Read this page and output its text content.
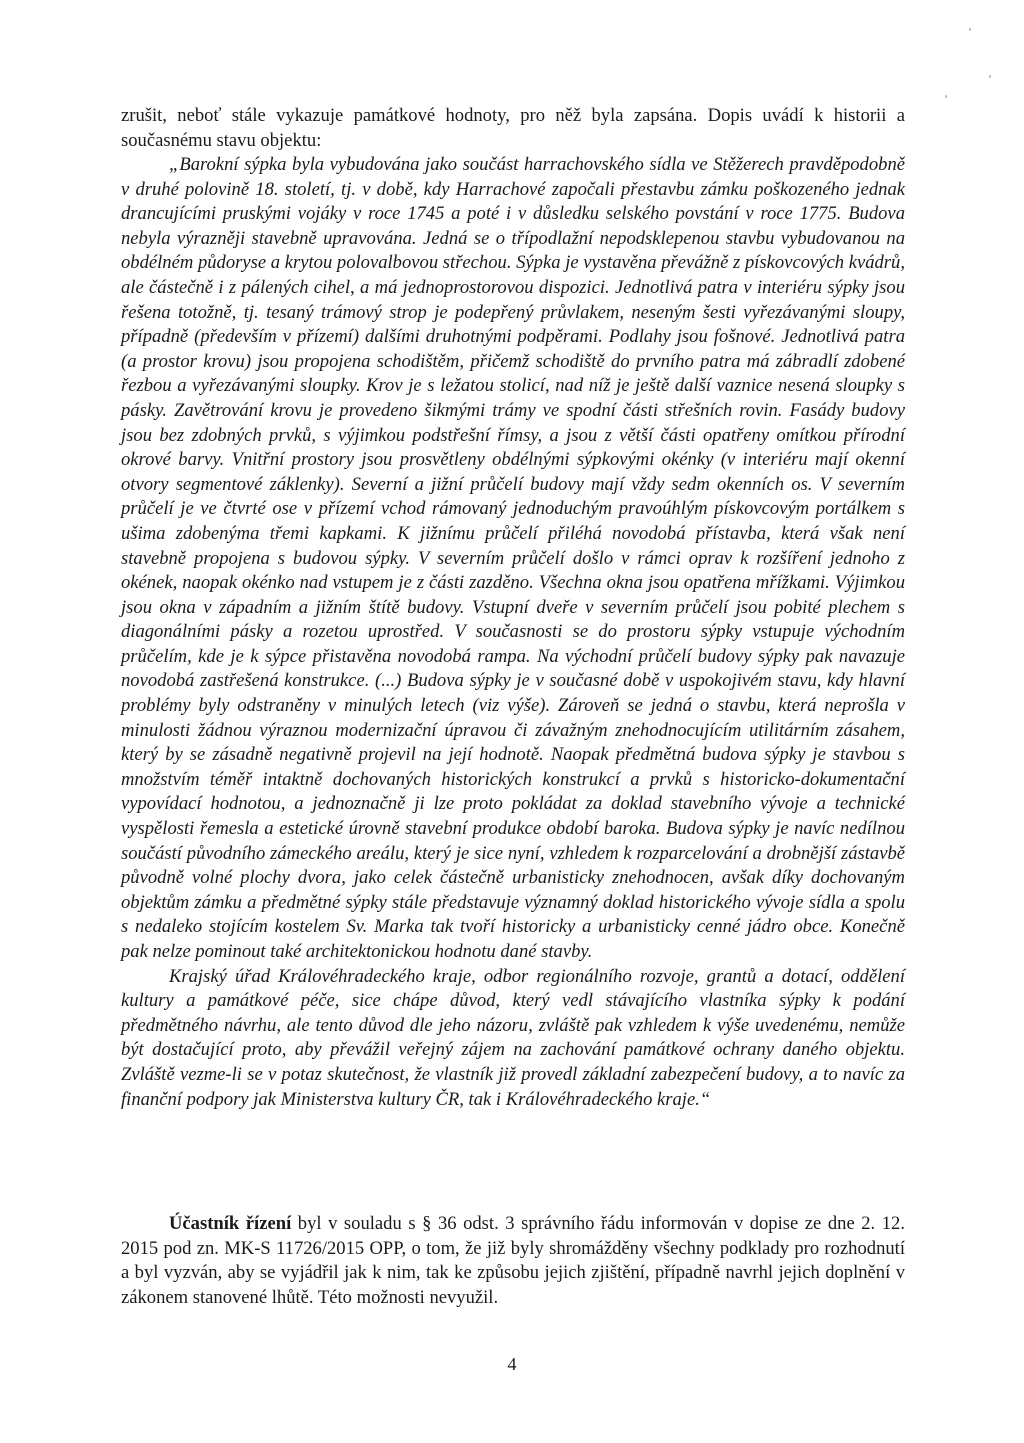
zrušit, neboť stále vykazuje památkové hodnoty, pro něž byla zapsána. Dopis uvádí k historii a současnému stavu objektu:

„Barokní sýpka byla vybudována jako součást harrachovského sídla ve Stěžerech pravděpodobně v druhé polovině 18. století, tj. v době, kdy Harrachové započali přestavbu zámku poškozeného jednak drancujícími pruskými vojáky v roce 1745 a poté i v důsledku selského povstání v roce 1775. Budova nebyla výrazněji stavebně upravována. Jedná se o třípodlažní nepodsklepenou stavbu vybudovanou na obdélném půdoryse a krytou polovalbovou střechou. Sýpka je vystavěna převážně z pískovcových kvádrů, ale částečně i z pálených cihel, a má jednoprostorovou dispozici. Jednotlivá patra v interiéru sýpky jsou řešena totožně, tj. tesaný trámový strop je podepřený průvlakem, neseným šesti vyřezávanými sloupy, případně (především v přízemí) dalšími druhotnými podpěrami. Podlahy jsou fošnové. Jednotlivá patra (a prostor krovu) jsou propojena schodištěm, přičemž schodiště do prvního patra má zábradlí zdobené řezbou a vyřezávanými sloupky. Krov je s ležatou stolicí, nad níž je ještě další vaznice nesená sloupky s pásky. Zavětrování krovu je provedeno šikmými trámy ve spodní části střešních rovin. Fasády budovy jsou bez zdobných prvků, s výjimkou podstřešní římsy, a jsou z větší části opatřeny omítkou přírodní okrové barvy. Vnitřní prostory jsou prosvětleny obdélnými sýpkovými okénky (v interiéru mají okenní otvory segmentové záklenky). Severní a jižní průčelí budovy mají vždy sedm okenních os. V severním průčelí je ve čtvrté ose v přízemí vchod rámovaný jednoduchým pravoúhlým pískovcovým portálkem s ušima zdobenýma třemi kapkami. K jižnímu průčelí přiléhá novodobá přístavba, která však není stavebně propojena s budovou sýpky. V severním průčelí došlo v rámci oprav k rozšíření jednoho z okének, naopak okénko nad vstupem je z části zazděno. Všechna okna jsou opatřena mřížkami. Výjimkou jsou okna v západním a jižním štítě budovy. Vstupní dveře v severním průčelí jsou pobité plechem s diagonálními pásky a rozetou uprostřed. V současnosti se do prostoru sýpky vstupuje východním průčelím, kde je k sýpce přistavěna novodobá rampa. Na východní průčelí budovy sýpky pak navazuje novodobá zastřešená konstrukce. (...) Budova sýpky je v současné době v uspokojivém stavu, kdy hlavní problémy byly odstraněny v minulých letech (viz výše). Zároveň se jedná o stavbu, která neprošla v minulosti žádnou výraznou modernizační úpravou či závažným znehodnocujícím utilitárním zásahem, který by se zásadně negativně projevil na její hodnotě. Naopak předmětná budova sýpky je stavbou s množstvím téměř intaktně dochovaných historických konstrukcí a prvků s historicko-dokumentační vypovídací hodnotou, a jednoznačně ji lze proto pokládat za doklad stavebního vývoje a technické vyspělosti řemesla a estetické úrovně stavební produkce období baroka. Budova sýpky je navíc nedílnou součástí původního zámeckého areálu, který je sice nyní, vzhledem k rozparcelování a drobnější zástavbě původně volné plochy dvora, jako celek částečně urbanisticky znehodnocen, avšak díky dochovaným objektům zámku a předmětné sýpky stále představuje významný doklad historického vývoje sídla a spolu s nedaleko stojícím kostelem Sv. Marka tak tvoří historicky a urbanisticky cenné jádro obce. Konečně pak nelze pominout také architektonickou hodnotu dané stavby.

Krajský úřad Královéhradeckého kraje, odbor regionálního rozvoje, grantů a dotací, oddělení kultury a památkové péče, sice chápe důvod, který vedl stávajícího vlastníka sýpky k podání předmětného návrhu, ale tento důvod dle jeho názoru, zvláště pak vzhledem k výše uvedenému, nemůže být dostačující proto, aby převážil veřejný zájem na zachování památkové ochrany daného objektu. Zvláště vezme-li se v potaz skutečnost, že vlastník již provedl základní zabezpečení budovy, a to navíc za finanční podpory jak Ministerstva kultury ČR, tak i Královéhradeckého kraje.“

Účastník řízení byl v souladu s § 36 odst. 3 správního řádu informován v dopise ze dne 2. 12. 2015 pod zn. MK-S 11726/2015 OPP, o tom, že již byly shromážděny všechny podklady pro rozhodnutí a byl vyzván, aby se vyjádřil jak k nim, tak ke způsobu jejich zjištění, případně navrhl jejich doplnění v zákonem stanovené lhůtě. Této možnosti nevyužil.

4
